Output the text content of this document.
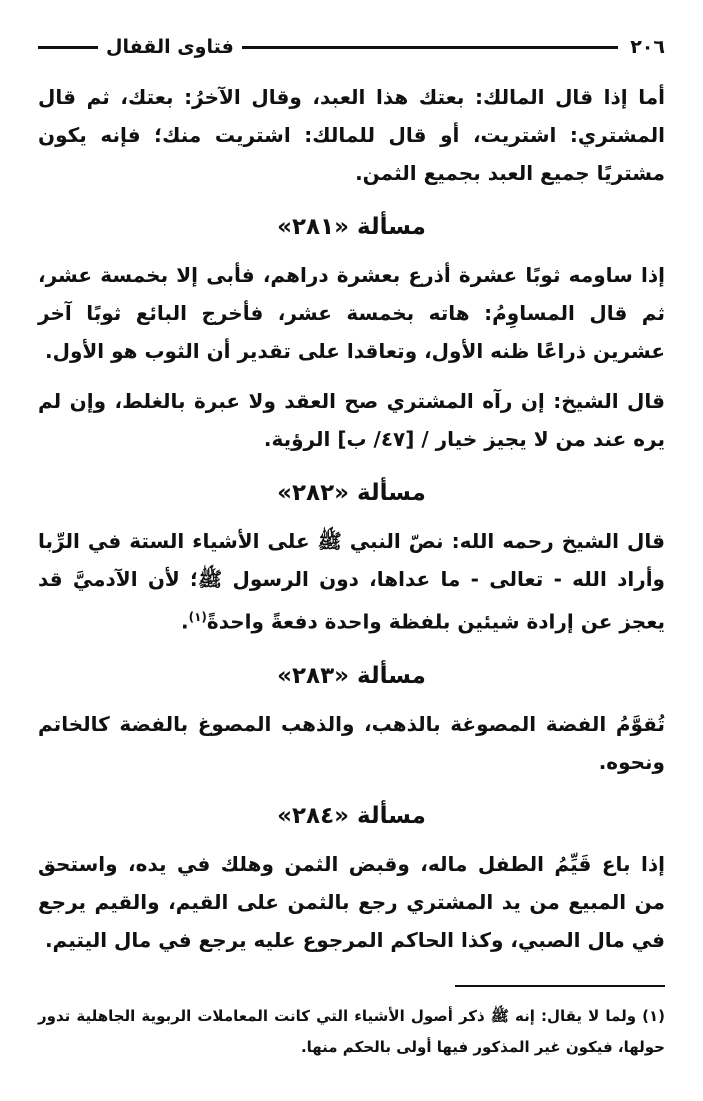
٢٠٦
فتاوى القفال

أما إذا قال المالك: بعتك هذا العبد، وقال الآخرُ: بعتك، ثم قال المشتري: اشتريت، أو قال للمالك: اشتريت منك؛ فإنه يكون مشتريًا جميع العبد بجميع الثمن.

مسألة «٢٨١»

إذا ساومه ثوبًا عشرة أذرع بعشرة دراهم، فأبى إلا بخمسة عشر، ثم قال المساوِمُ: هاته بخمسة عشر، فأخرج البائع ثوبًا آخر عشرين ذراعًا ظنه الأول، وتعاقدا على تقدير أن الثوب هو الأول.

قال الشيخ: إن رآه المشتري صح العقد ولا عبرة بالغلط، وإن لم يره عند من لا يجيز خيار / [٤٧/ ب] الرؤية.

مسألة «٢٨٢»

قال الشيخ رحمه الله: نصّ النبي ﷺ على الأشياء الستة في الرِّبا وأراد الله - تعالى - ما عداها، دون الرسول ﷺ؛ لأن الآدميَّ قد يعجز عن إرادة شيئين بلفظة واحدة دفعةً واحدةً$^{(١)}$.

مسألة «٢٨٣»

تُقوَّمُ الفضة المصوغة بالذهب، والذهب المصوغ بالفضة كالخاتم ونحوه.

مسألة «٢٨٤»

إذا باع قَيِّمُ الطفل ماله، وقبض الثمن وهلك في يده، واستحق من المبيع من يد المشتري رجع بالثمن على القيم، والقيم يرجع في مال الصبي، وكذا الحاكم المرجوع عليه يرجع في مال اليتيم.

(١) ولما لا يقال: إنه ﷺ ذكر أصول الأشياء التي كانت المعاملات الربوية الجاهلية تدور حولها، فيكون غير المذكور فيها أولى بالحكم منها.
